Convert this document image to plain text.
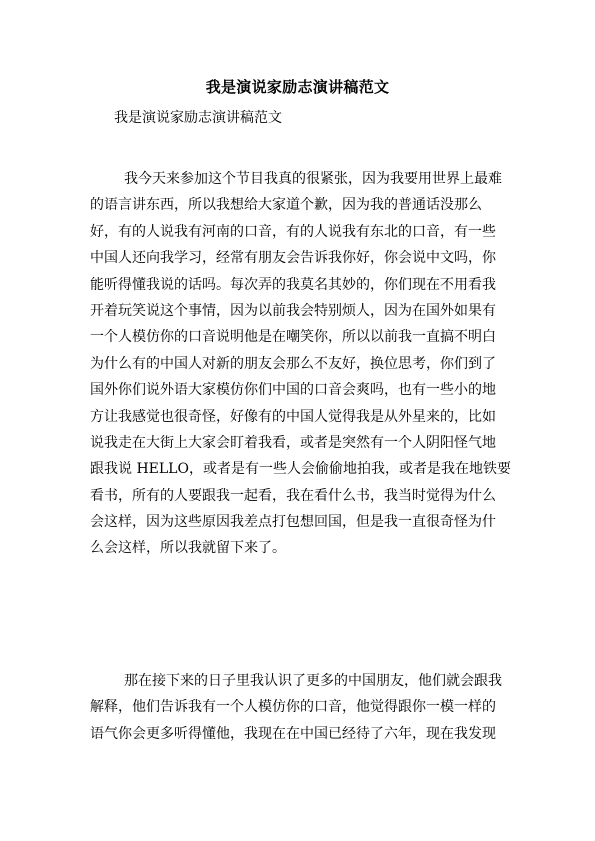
我是演说家励志演讲稿范文
我是演说家励志演讲稿范文
我今天来参加这个节目我真的很紧张，因为我要用世界上最难
的语言讲东西，所以我想给大家道个歉，因为我的普通话没那么
好，有的人说我有河南的口音，有的人说我有东北的口音，有一些
中国人还向我学习，经常有朋友会告诉我你好，你会说中文吗，你
能听得懂我说的话吗。每次弄的我莫名其妙的，你们现在不用看我
开着玩笑说这个事情，因为以前我会特别烦人，因为在国外如果有
一个人模仿你的口音说明他是在嘲笑你，所以以前我一直搞不明白
为什么有的中国人对新的朋友会那么不友好，换位思考，你们到了
国外你们说外语大家模仿你们中国的口音会爽吗，也有一些小的地
方让我感觉也很奇怪，好像有的中国人觉得我是从外星来的，比如
说我走在大街上大家会盯着我看，或者是突然有一个人阴阳怪气地
跟我说 HELLO，或者是有一些人会偷偷地拍我，或者是我在地铁要
看书，所有的人要跟我一起看，我在看什么书，我当时觉得为什么
会这样，因为这些原因我差点打包想回国，但是我一直很奇怪为什
么会这样，所以我就留下来了。
那在接下来的日子里我认识了更多的中国朋友，他们就会跟我
解释，他们告诉我有一个人模仿你的口音，他觉得跟你一模一样的
语气你会更多听得懂他，我现在在中国已经待了六年，现在我发现
